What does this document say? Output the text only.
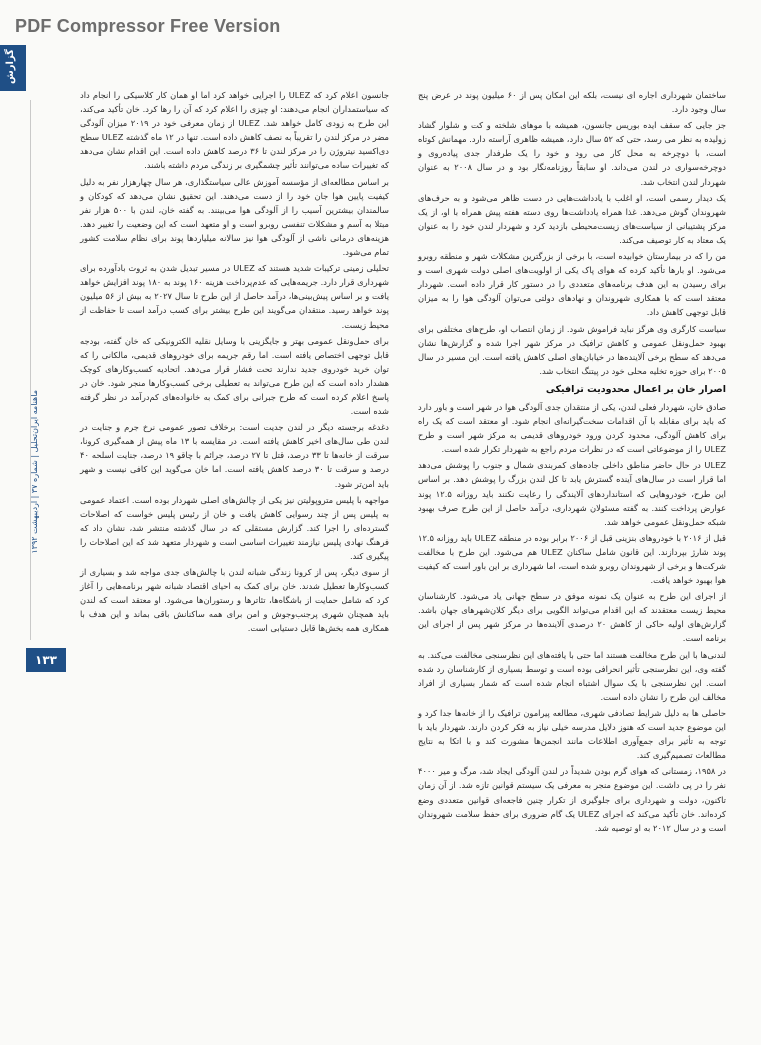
PDF Compressor Free Version
گزارش
ماهنامه ایران‌تحلیل | شماره ۳۷ | اردیبهشت ۱۳۹۲
۱۳۳

ساختمان شهرداری اجاره ای نیست، بلکه این امکان پس از ۶۰ میلیون پوند در عرض پنج سال وجود دارد.

جز جایی که سقف ایده بوریس جانسون، همیشه با موهای شلخته و کت و شلوار گشاد زولیده به نظر می رسد، حتی که ۵۲ سال دارد، همیشه ظاهری آراسته دارد. مهمانش کوتاه است، با دوچرخه به محل کار می رود و خود را یک طرفدار جدی پیاده‌روی و دوچرخه‌سواری در لندن می‌داند. او سابقاً روزنامه‌نگار بود و در سال ۲۰۰۸ به عنوان شهردار لندن انتخاب شد.

یک دیدار رسمی است، او اغلب با یادداشت‌هایی در دست ظاهر می‌شود و به حرف‌های شهروندان گوش می‌دهد. غذا همراه یادداشت‌ها روی دسته هفته پیش همراه با او، از یک مرکز پشتیبانی از سیاست‌های زیست‌محیطی بازدید کرد و شهردار لندن خود را به عنوان یک معتاد به کار توصیف می‌کند.

من را که در بیمارستان خوابیده است، با برخی از بزرگترین مشکلات شهر و منطقه روبرو می‌شود. او بارها تأکید کرده که هوای پاک یکی از اولویت‌های اصلی دولت شهری است و برای رسیدن به این هدف برنامه‌های متعددی را در دستور کار قرار داده است. شهردار معتقد است که با همکاری شهروندان و نهادهای دولتی می‌توان آلودگی هوا را به میزان قابل توجهی کاهش داد.

سیاست کارگری وی هرگز نباید فراموش شود. از زمان انتصاب او، طرح‌های مختلفی برای بهبود حمل‌ونقل عمومی و کاهش ترافیک در مرکز شهر اجرا شده و گزارش‌ها نشان می‌دهد که سطح برخی آلاینده‌ها در خیابان‌های اصلی کاهش یافته است. این مسیر در سال ۲۰۰۵ برای حوزه تخلیه محلی خود در پیتنگ انتخاب شد.

اصرار خان بر اعمال محدودیت ترافیکی

صادق خان، شهردار فعلی لندن، یکی از منتقدان جدی آلودگی هوا در شهر است و باور دارد که باید برای مقابله با آن اقدامات سخت‌گیرانه‌ای انجام شود. او معتقد است که یک راه برای کاهش آلودگی، محدود کردن ورود خودروهای قدیمی به مرکز شهر است و طرح ULEZ را از موضوعاتی است که در نظرات مردم راجع به شهردار تکرار شده است.

ULEZ در حال حاضر مناطق داخلی جاده‌های کمربندی شمال و جنوب را پوشش می‌دهد اما قرار است در سال‌های آینده گسترش یابد تا کل لندن بزرگ را پوشش دهد. بر اساس این طرح، خودروهایی که استانداردهای آلایندگی را رعایت نکنند باید روزانه ۱۲.۵ پوند عوارض پرداخت کنند. به گفته مسئولان شهرداری، درآمد حاصل از این طرح صرف بهبود شبکه حمل‌ونقل عمومی خواهد شد.

قبل از ۲۰۱۶ با خودروهای بنزینی قبل از ۲۰۰۶ برابر بوده در منطقه ULEZ باید روزانه ۱۲.۵ پوند شارژ بپردازند. این قانون شامل ساکنان ULEZ هم می‌شود. این طرح با مخالفت شرکت‌ها و برخی از شهروندان روبرو شده است، اما شهرداری بر این باور است که کیفیت هوا بهبود خواهد یافت.

از اجرای این طرح به عنوان یک نمونه موفق در سطح جهانی یاد می‌شود. کارشناسان محیط زیست معتقدند که این اقدام می‌تواند الگویی برای دیگر کلان‌شهرهای جهان باشد. گزارش‌های اولیه حاکی از کاهش ۲۰ درصدی آلاینده‌ها در مرکز شهر پس از اجرای این برنامه است.

لندنی‌ها با این طرح مخالفت هستند اما حتی با یافته‌های این نظرسنجی مخالفت می‌کند. به گفته وی، این نظرسنجی تأثیر انحرافی بوده است و توسط بسیاری از کارشناسان رد شده است. این نظرسنجی با یک سوال اشتباه انجام شده است که شمار بسیاری از افراد مخالف این طرح را نشان داده است.

حاصلی ها به دلیل شرایط تصادفی شهری، مطالعه پیرامون ترافیک را از خانه‌ها جدا کرد و این موضوع جدید است که هنوز دلایل مدرسه خیلی نیاز به فکر کردن دارند. شهردار باید با توجه به تأثیر برای جمع‌آوری اطلاعات مانند انجمن‌ها مشورت کند و با اتکا به نتایج مطالعات تصمیم‌گیری کند.

در ۱۹۵۸، زمستانی که هوای گرم بودن شدیداً در لندن آلودگی ایجاد شد، مرگ و میر ۴۰۰۰ نفر را در پی داشت. این موضوع منجر به معرفی یک سیستم قوانین تازه شد. از آن زمان تاکنون، دولت و شهرداری برای جلوگیری از تکرار چنین فاجعه‌ای قوانین متعددی وضع کرده‌اند. خان تأکید می‌کند که اجرای ULEZ یک گام ضروری برای حفظ سلامت شهروندان است و در سال ۲۰۱۲ به او توصیه شد.

جانسون اعلام کرد که ULEZ را اجرایی خواهد کرد اما او همان کار کلاسیکی را انجام داد که سیاستمداران انجام می‌دهند: او چیزی را اعلام کرد که آن را رها کرد. خان تأکید می‌کند، این طرح به زودی کامل خواهد شد. ULEZ از زمان معرفی خود در ۲۰۱۹ میزان آلودگی مضر در مرکز لندن را تقریباً به نصف کاهش داده است. تنها در ۱۲ ماه گذشته ULEZ سطح دی‌اکسید نیتروژن را در مرکز لندن تا ۳۶ درصد کاهش داده است. این اقدام نشان می‌دهد که تغییرات ساده می‌توانند تأثیر چشمگیری بر زندگی مردم داشته باشند.

بر اساس مطالعه‌ای از مؤسسه آموزش عالی سیاستگذاری، هر سال چهارهزار نفر به دلیل کیفیت پایین هوا جان خود را از دست می‌دهند. این تحقیق نشان می‌دهد که کودکان و سالمندان بیشترین آسیب را از آلودگی هوا می‌بینند. به گفته خان، لندن با ۵۰۰ هزار نفر مبتلا به آسم و مشکلات تنفسی روبرو است و او متعهد است که این وضعیت را تغییر دهد. هزینه‌های درمانی ناشی از آلودگی هوا نیز سالانه میلیاردها پوند برای نظام سلامت کشور تمام می‌شود.

تحلیلی زمینی ترکیبات شدید هستند که ULEZ در مسیر تبدیل شدن به ثروت بادآورده برای شهرداری قرار دارد. جریمه‌هایی که عدم‌پرداخت هزینه ۱۶۰ پوند به ۱۸۰ پوند افزایش خواهد یافت و بر اساس پیش‌بینی‌ها، درآمد حاصل از این طرح تا سال ۲۰۲۷ به بیش از ۵۶ میلیون پوند خواهد رسید. منتقدان می‌گویند این طرح بیشتر برای کسب درآمد است تا حفاظت از محیط زیست.

برای حمل‌ونقل عمومی بهتر و جایگزینی با وسایل نقلیه الکترونیکی که خان گفته، بودجه قابل توجهی اختصاص یافته است. اما رقم جریمه برای خودروهای قدیمی، مالکانی را که توان خرید خودروی جدید ندارند تحت فشار قرار می‌دهد. اتحادیه کسب‌وکارهای کوچک هشدار داده است که این طرح می‌تواند به تعطیلی برخی کسب‌وکارها منجر شود. خان در پاسخ اعلام کرده است که طرح جبرانی برای کمک به خانواده‌های کم‌درآمد در نظر گرفته شده است.

دغدغه برجسته دیگر در لندن جدیت است: برخلاف تصور عمومی نرخ جرم و جنایت در لندن طی سال‌های اخیر کاهش یافته است. در مقایسه با ۱۳ ماه پیش از همه‌گیری کرونا، سرقت از خانه‌ها تا ۳۳ درصد، قتل تا ۲۷ درصد، جرائم با چاقو ۱۹ درصد، جنایت اسلحه ۴۰ درصد و سرقت تا ۳۰ درصد کاهش یافته است. اما خان می‌گوید این کافی نیست و شهر باید امن‌تر شود.

مواجهه با پلیس متروپولیتن نیز یکی از چالش‌های اصلی شهردار بوده است. اعتماد عمومی به پلیس پس از چند رسوایی کاهش یافت و خان از رئیس پلیس خواست که اصلاحات گسترده‌ای را اجرا کند. گزارش مستقلی که در سال گذشته منتشر شد، نشان داد که فرهنگ نهادی پلیس نیازمند تغییرات اساسی است و شهردار متعهد شد که این اصلاحات را پیگیری کند.

از سوی دیگر، پس از کرونا زندگی شبانه لندن با چالش‌های جدی مواجه شد و بسیاری از کسب‌وکارها تعطیل شدند. خان برای کمک به احیای اقتصاد شبانه شهر برنامه‌هایی را آغاز کرد که شامل حمایت از باشگاه‌ها، تئاترها و رستوران‌ها می‌شود. او معتقد است که لندن باید همچنان شهری پرجنب‌وجوش و امن برای همه ساکنانش باقی بماند و این هدف با همکاری همه بخش‌ها قابل دستیابی است.
